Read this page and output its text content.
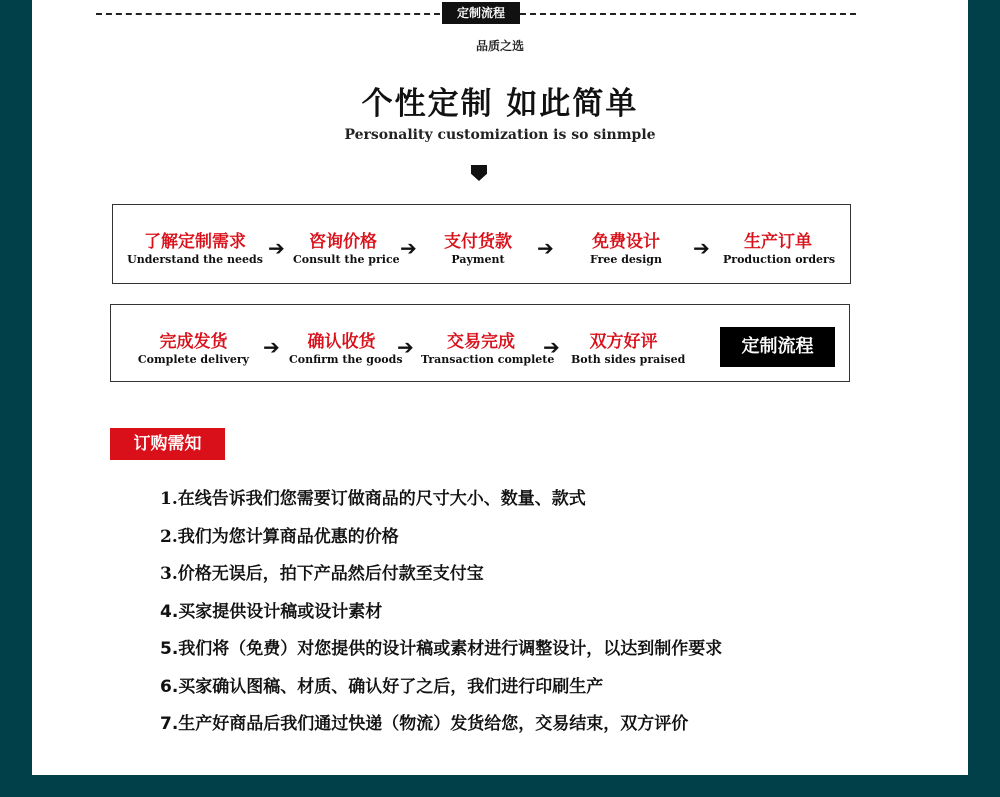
定制流程
品质之选
个性定制 如此简单
Personality customization is so sinmple
了解定制需求
Understand the needs ➔	咨询价格
Consult the price ➔	支付货款
Payment	➔	免费设计
Free design	➔	生产订单
Production orders
完成发货
Complete delivery
➔	确认收货
Confirm the goods
➔	交易完成
Transaction complete
➔	双方好评
Both sides praised
定制流程
订购需知
1.在线告诉我们您需要订做商品的尺寸大小、数量、款式
2.我们为您计算商品优惠的价格
3.价格无误后，拍下产品然后付款至支付宝
4.买家提供设计稿或设计素材
5.我们将（免费）对您提供的设计稿或素材进行调整设计，以达到制作要求
6.买家确认图稿、材质、确认好了之后，我们进行印刷生产
7.生产好商品后我们通过快递（物流）发货给您，交易结束，双方评价
